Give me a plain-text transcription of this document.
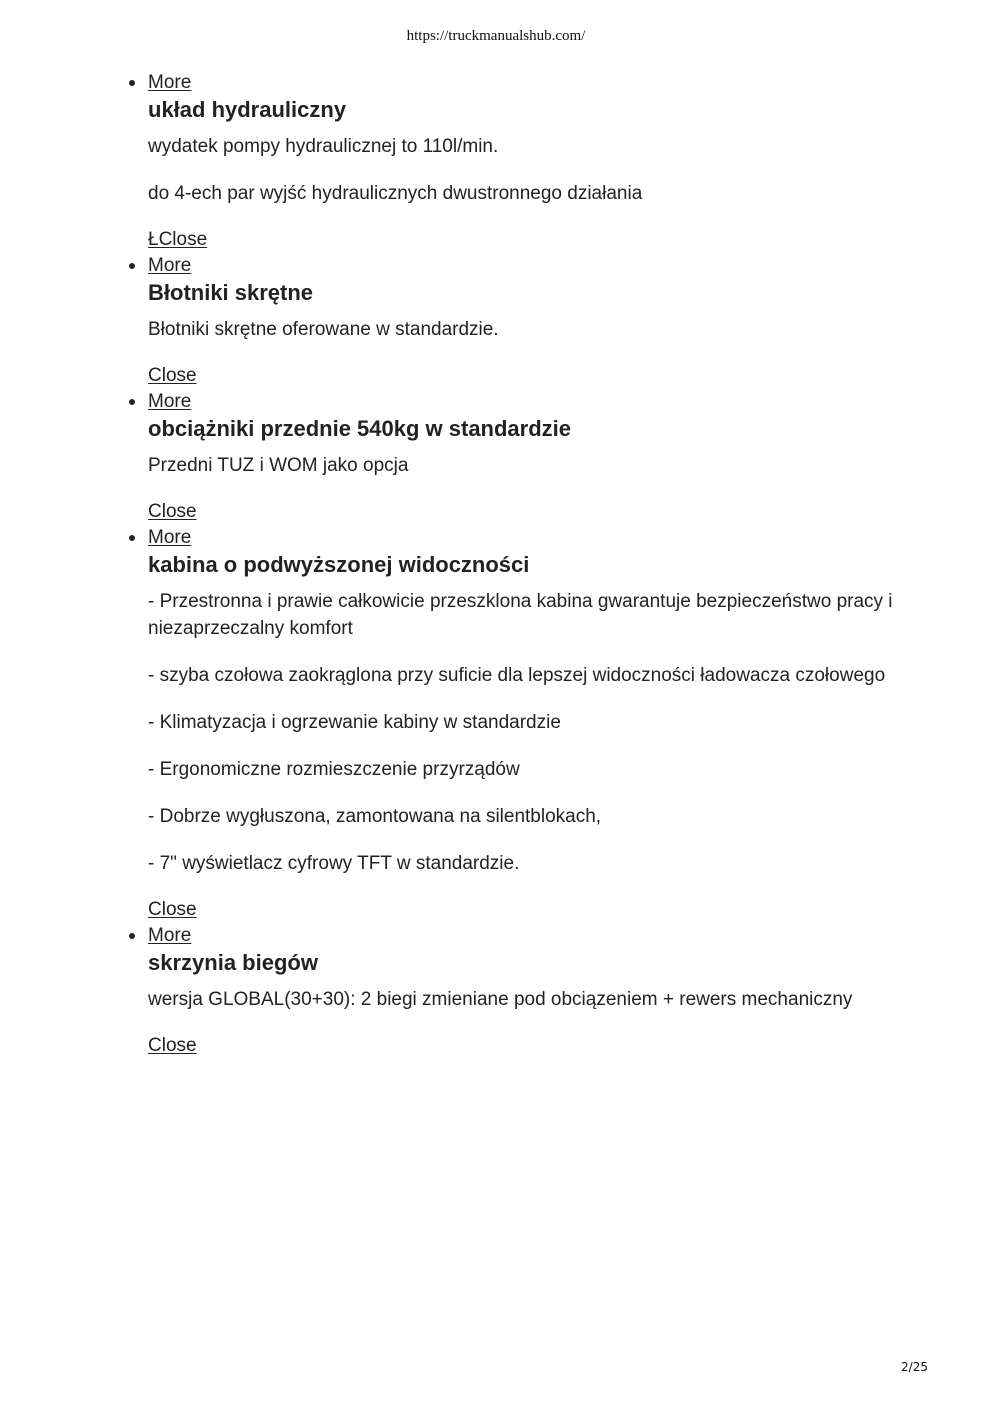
https://truckmanualshub.com/
More
układ hydrauliczny

wydatek pompy hydraulicznej to 110l/min.

do 4-ech par wyjść hydraulicznych dwustronnego działania

ŁClose
More
Błotniki skrętne

Błotniki skrętne oferowane w standardzie.

Close
More
obciążniki przednie 540kg w standardzie

Przedni TUZ i WOM jako opcja

Close
More
kabina o podwyższonej widoczności

- Przestronna i prawie całkowicie przeszklona kabina gwarantuje bezpieczeństwo pracy i niezaprzeczalny komfort

- szyba czołowa zaokrąglona przy suficie dla lepszej widoczności ładowacza czołowego

- Klimatyzacja i ogrzewanie kabiny w standardzie

- Ergonomiczne rozmieszczenie przyrządów

- Dobrze wygłuszona, zamontowana na silentblokach,

- 7" wyświetlacz cyfrowy TFT w standardzie.

Close
More
skrzynia biegów

wersja GLOBAL(30+30): 2 biegi zmieniane pod obciązeniem + rewers mechaniczny

Close
2/25
